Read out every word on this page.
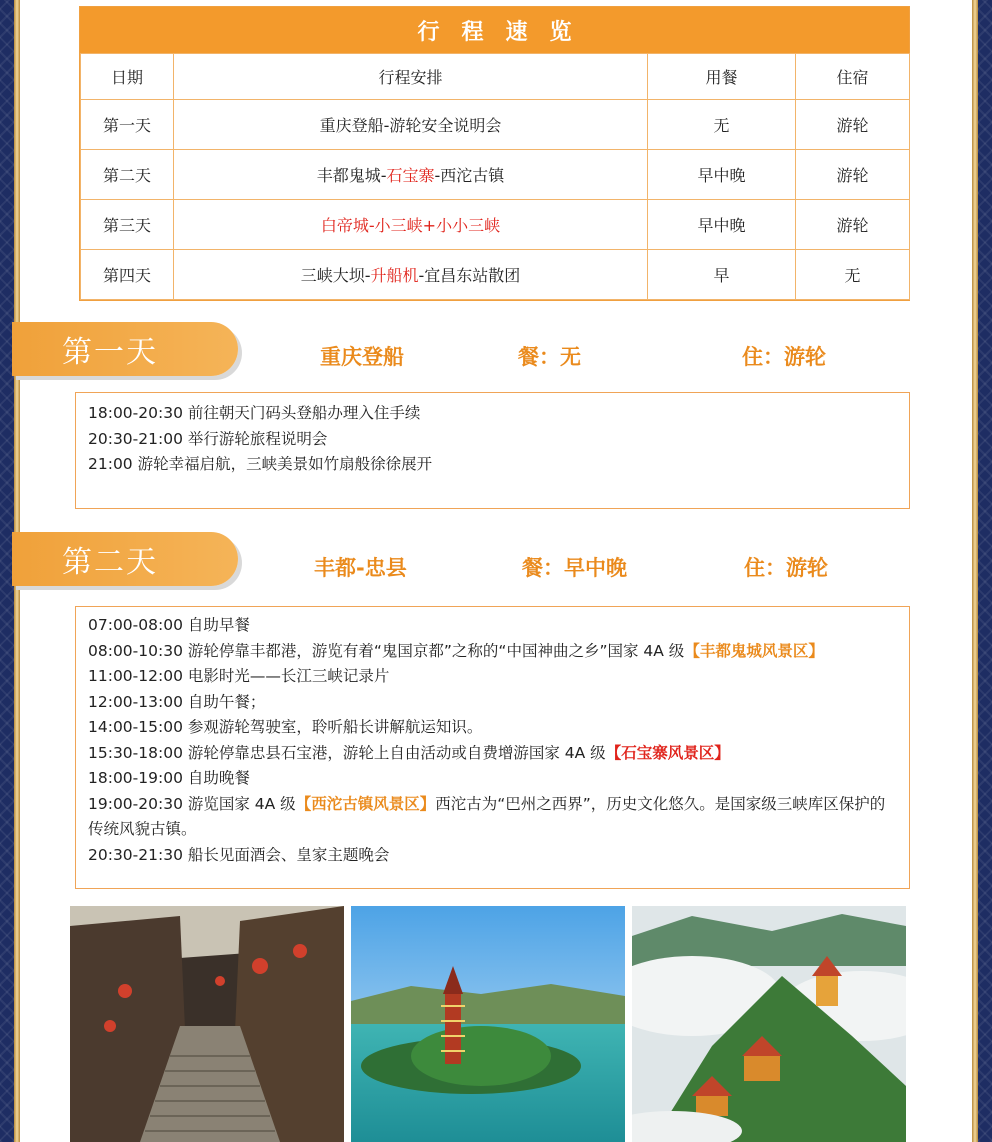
行程速览
日期	行程安排	用餐	住宿
第一天	重庆登船-游轮安全说明会	无	游轮
第二天	丰都鬼城-石宝寨-西沱古镇	早中晚	游轮
第三天	白帝城-小三峡+小小三峡	早中晚	游轮
第四天	三峡大坝-升船机-宜昌东站散团	早	无
第一天	重庆登船	餐：无	住：游轮

18:00-20:30 前往朝天门码头登船办理入住手续

20:30-21:00 举行游轮旅程说明会

21:00 游轮幸福启航，三峡美景如竹扇般徐徐展开

第二天	丰都-忠县	餐：早中晚	住：游轮

07:00-08:00 自助早餐

08:00-10:30 游轮停靠丰都港，游览有着“鬼国京都”之称的“中国神曲之乡”国家 4A 级【丰都鬼城风景区】

11:00-12:00 电影时光——长江三峡记录片

12:00-13:00 自助午餐；

14:00-15:00 参观游轮驾驶室，聆听船长讲解航运知识。

15:30-18:00 游轮停靠忠县石宝港，游轮上自由活动或自费增游国家 4A 级【石宝寨风景区】

18:00-19:00 自助晚餐

19:00-20:30 游览国家 4A 级【西沱古镇风景区】西沱古为“巴州之西界”，历史文化悠久。是国家级三峡库区保护的传统风貌古镇。

20:30-21:30 船长见面酒会、皇家主题晚会
